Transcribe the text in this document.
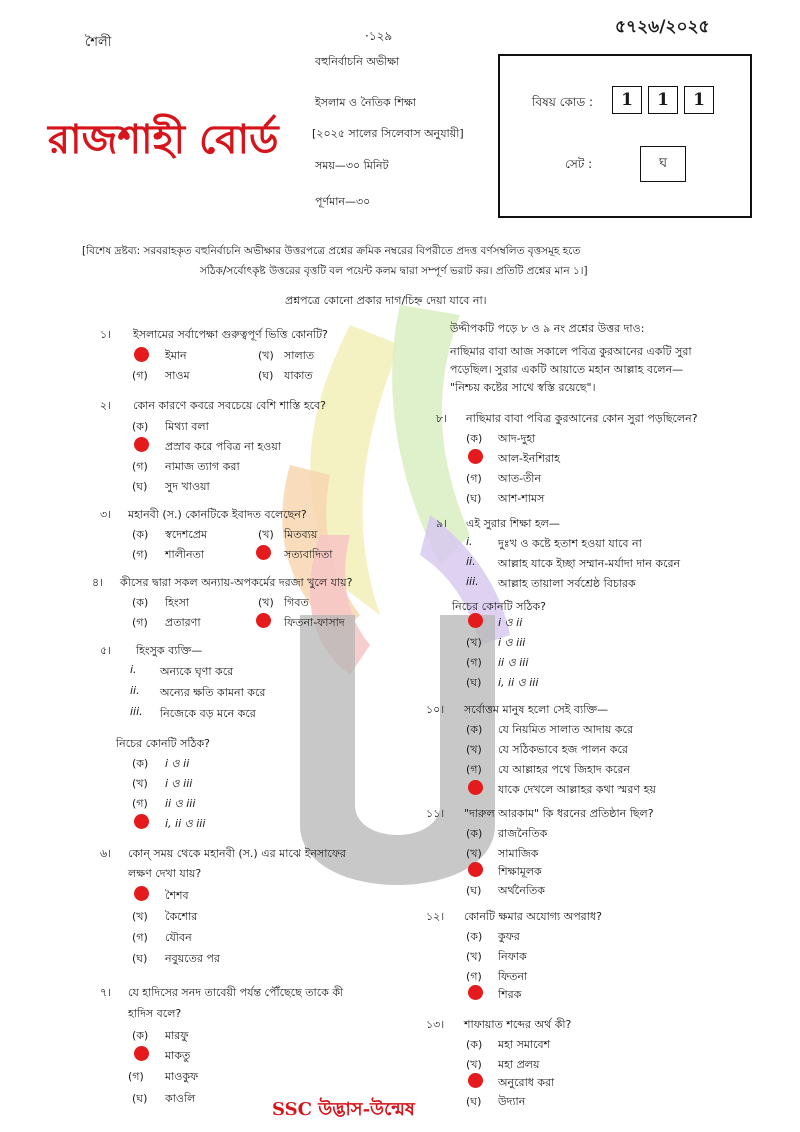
শৈলী	·১২৯	৫৭২৬/২০২৫
রাজশাহী বোর্ড
বহুনির্বাচনি অভীক্ষা
ইসলাম ও নৈতিক শিক্ষা
[২০২৫ সালের সিলেবাস অনুযায়ী]
সময়—৩০ মিনিট
পূর্ণমান—৩০
বিষয় কোড :	1	1	1
সেট :	ঘ
[বিশেষ দ্রষ্টব্য: সরবরাহকৃত বহুনির্বাচনি অভীক্ষার উত্তরপত্রে প্রশ্নের ক্রমিক নম্বরের বিপরীতে প্রদত্ত বর্ণসম্বলিত বৃত্তসমূহ হতে
সঠিক/সর্বোৎকৃষ্ট উত্তরের বৃত্তটি বল পয়েন্ট কলম দ্বারা সম্পূর্ণ ভরাট কর। প্রতিটি প্রশ্নের মান ১।]
প্রশ্নপত্রে কোনো প্রকার দাগ/চিহ্ন দেয়া যাবে না।
১। ইসলামের সর্বাপেক্ষা গুরুত্বপূর্ণ ভিত্তি কোনটি?
ইমান	(খ) সালাত
(গ) সাওম	(ঘ) যাকাত
২। কোন কারণে কবরে সবচেয়ে বেশি শাস্তি হবে?
(ক) মিথ্যা বলা
প্রস্রাব করে পবিত্র না হওয়া
(গ) নামাজ ত্যাগ করা
(ঘ) সুদ খাওয়া
৩। মহানবী (স.) কোনটিকে ইবাদত বলেছেন?
(ক) স্বদেশপ্রেম	(খ) মিতব্যয়
(গ) শালীনতা	সত্যবাদিতা
৪। কীসের দ্বারা সকল অন্যায়-অপকর্মের দরজা খুলে যায়?
(ক) হিংসা	(খ) গিবত
(গ) প্রতারণা	ফিতনা-ফাসাদ
৫। হিংসুক ব্যক্তি—
i. অন্যকে ঘৃণা করে
ii. অন্যের ক্ষতি কামনা করে
iii. নিজেকে বড় মনে করে
নিচের কোনটি সঠিক?
(ক) i ও ii
(খ) i ও iii
(গ) ii ও iii
i, ii ও iii
৬। কোন্ সময় থেকে মহানবী (স.) এর মাঝে ইনসাফের
লক্ষণ দেখা যায়?
শৈশব
(খ) কৈশোর
(গ) যৌবন
(ঘ) নবুয়তের পর
৭। যে হাদিসের সনদ তাবেয়ী পর্যন্ত পৌঁছেছে তাকে কী
হাদিস বলে?
(ক) মারফু
মাকতু
(গ) মাওকুফ
(ঘ) কাওলি
উদ্দীপকটি পড়ে ৮ ও ৯ নং প্রশ্নের উত্তর দাও:
নাছিমার বাবা আজ সকালে পবিত্র কুরআনের একটি সুরা
পড়েছিল। সুরার একটি আয়াতে মহান আল্লাহ বলেন—
"নিশ্চয় কষ্টের সাথে স্বস্তি রয়েছে"।
৮। নাছিমার বাবা পবিত্র কুরআনের কোন সুরা পড়ছিলেন?
(ক) আদ-দুহা
আল-ইনশিরাহ
(গ) আত-তীন
(ঘ) আশ-শামস
৯। এই সুরার শিক্ষা হল—
i. দুঃখ ও কষ্টে হতাশ হওয়া যাবে না
ii. আল্লাহ যাকে ইচ্ছা সম্মান-মর্যাদা দান করেন
iii. আল্লাহ তায়ালা সর্বশ্রেষ্ঠ বিচারক
নিচের কোনটি সঠিক?
i ও ii
(খ) i ও iii
(গ) ii ও iii
(ঘ) i, ii ও iii
১০। সর্বোত্তম মানুষ হলো সেই ব্যক্তি—
(ক) যে নিয়মিত সালাত আদায় করে
(খ) যে সঠিকভাবে হজ পালন করে
(গ) যে আল্লাহর পথে জিহাদ করেন
যাকে দেখলে আল্লাহর কথা স্মরণ হয়
১১। "দারুল আরকাম" কি ধরনের প্রতিষ্ঠান ছিল?
(ক) রাজনৈতিক
(খ) সামাজিক
শিক্ষামূলক
(ঘ) অর্থনৈতিক
১২। কোনটি ক্ষমার অযোগ্য অপরাধ?
(ক) কুফর
(খ) নিফাক
(গ) ফিতনা
শিরক
১৩। শাফায়াত শব্দের অর্থ কী?
(ক) মহা সমাবেশ
(খ) মহা প্রলয়
অনুরোধ করা
(ঘ) উদ্যান
SSC উদ্ভাস-উন্মেষ
